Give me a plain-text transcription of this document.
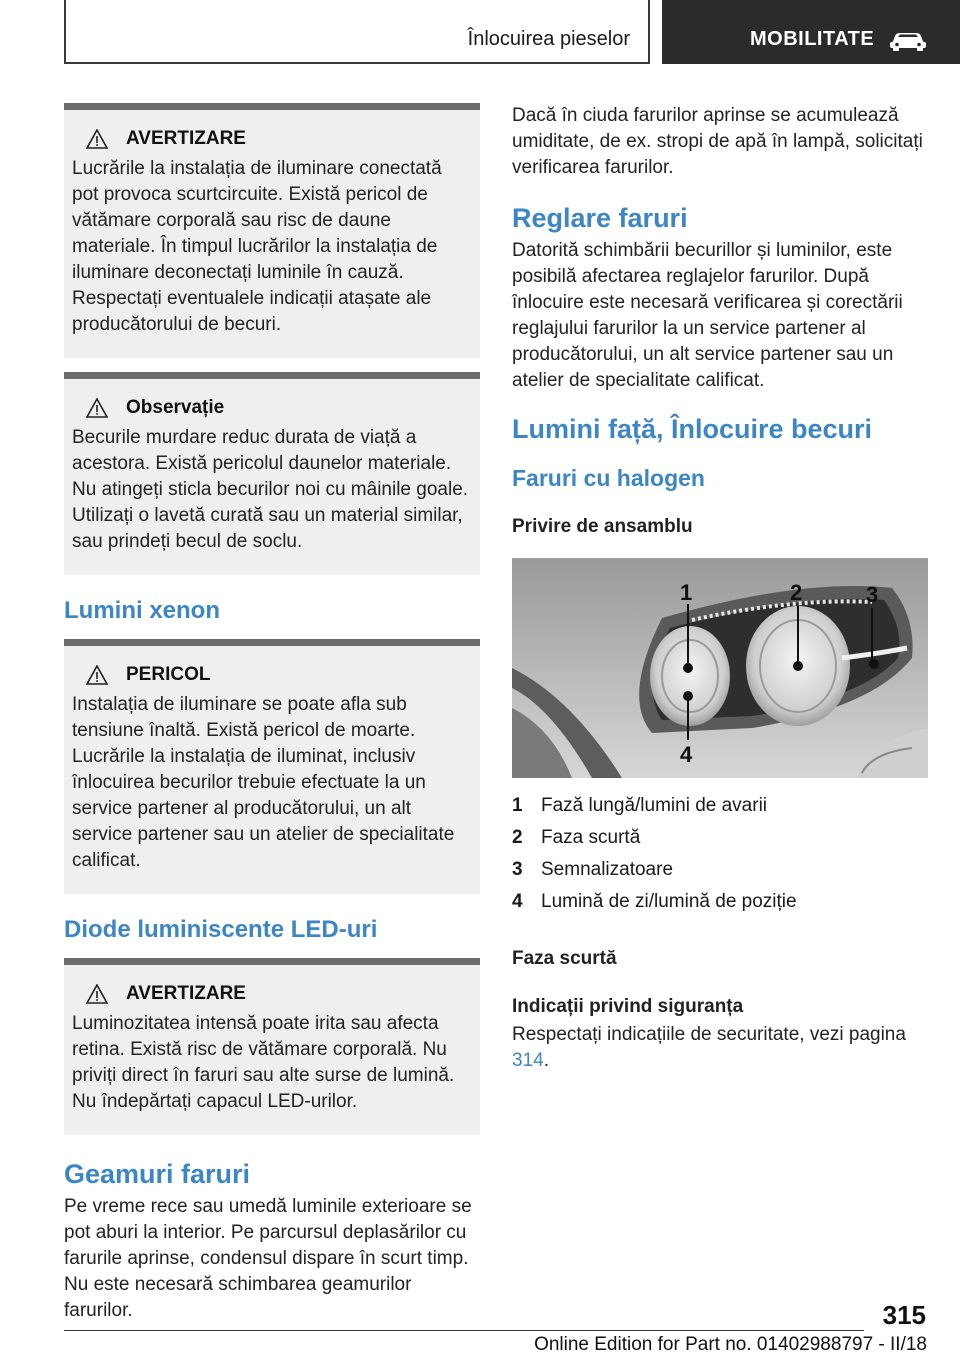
Înlocuirea pieselor	MOBILITATE
AVERTIZARE

Lucrările la instalația de iluminare conectată pot provoca scurtcircuite. Există pericol de vătămare corporală sau risc de daune materiale. În timpul lucrărilor la instalația de iluminare deconectați luminile în cauză. Respectați eventualele indicații atașate ale producătorului de becuri.

Observație

Becurile murdare reduc durata de viață a acestora. Există pericolul daunelor materiale. Nu atingeți sticla becurilor noi cu mâinile goale. Utilizați o lavetă curată sau un material similar, sau prindeți becul de soclu.

Lumini xenon
PERICOL

Instalația de iluminare se poate afla sub tensiune înaltă. Există pericol de moarte. Lucrările la instalația de iluminat, inclusiv înlocuirea becurilor trebuie efectuate la un service partener al producătorului, un alt service partener sau un atelier de specialitate calificat.

Diode luminiscente LED-uri
AVERTIZARE

Luminozitatea intensă poate irita sau afecta retina. Există risc de vătămare corporală. Nu priviți direct în faruri sau alte surse de lumină. Nu îndepărtați capacul LED-urilor.

Geamuri faruri

Pe vreme rece sau umedă luminile exterioare se pot aburi la interior. Pe parcursul deplasărilor cu farurile aprinse, condensul dispare în scurt timp. Nu este necesară schimbarea geamurilor farurilor.

Dacă în ciuda farurilor aprinse se acumulează umiditate, de ex. stropi de apă în lampă, solicitați verificarea farurilor.

Reglare faruri

Datorită schimbării becurillor și luminilor, este posibilă afectarea reglajelor farurilor. După înlocuire este necesară verificarea și corectării reglajului farurilor la un service partener al producătorului, un alt service partener sau un atelier de specialitate calificat.

Lumini față, Înlocuire becuri
Faruri cu halogen
Privire de ansamblu
1	2	3
4
1 Fază lungă/lumini de avarii
2 Faza scurtă
3 Semnalizatoare
4 Lumină de zi/lumină de poziție
Faza scurtă
Indicații privind siguranța

Respectați indicațiile de securitate, vezi pagina 314.

315
Online Edition for Part no. 01402988797 - II/18
